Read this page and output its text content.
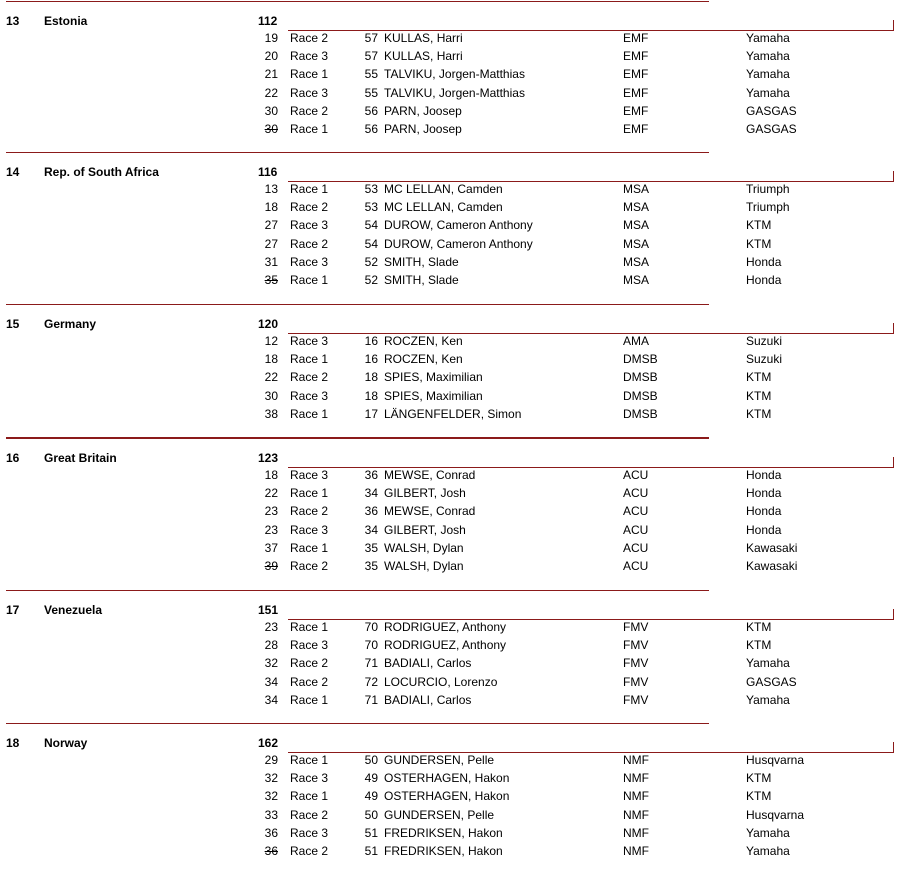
13 Estonia	112
19 Race 2	57 KULLAS, Harri	EMF	Yamaha
20 Race 3	57 KULLAS, Harri	EMF	Yamaha
21 Race 1	55 TALVIKU, Jorgen-Matthias	EMF	Yamaha
22 Race 3	55 TALVIKU, Jorgen-Matthias	EMF	Yamaha
30 Race 2	56 PARN, Joosep	EMF	GASGAS
30 Race 1	56 PARN, Joosep	EMF	GASGAS
14 Rep. of South Africa	116
13 Race 1	53 MC LELLAN, Camden	MSA	Triumph
18 Race 2	53 MC LELLAN, Camden	MSA	Triumph
27 Race 3	54 DUROW, Cameron Anthony	MSA	KTM
27 Race 2	54 DUROW, Cameron Anthony	MSA	KTM
31 Race 3	52 SMITH, Slade	MSA	Honda
35 Race 1	52 SMITH, Slade	MSA	Honda
15 Germany	120
12 Race 3	16 ROCZEN, Ken	AMA	Suzuki
18 Race 1	16 ROCZEN, Ken	DMSB	Suzuki
22 Race 2	18 SPIES, Maximilian	DMSB	KTM
30 Race 3	18 SPIES, Maximilian	DMSB	KTM
38 Race 1	17 LÄNGENFELDER, Simon	DMSB	KTM
16 Great Britain	123
18 Race 3	36 MEWSE, Conrad	ACU	Honda
22 Race 1	34 GILBERT, Josh	ACU	Honda
23 Race 2	36 MEWSE, Conrad	ACU	Honda
23 Race 3	34 GILBERT, Josh	ACU	Honda
37 Race 1	35 WALSH, Dylan	ACU	Kawasaki
39 Race 2	35 WALSH, Dylan	ACU	Kawasaki
17 Venezuela	151
23 Race 1	70 RODRIGUEZ, Anthony	FMV	KTM
28 Race 3	70 RODRIGUEZ, Anthony	FMV	KTM
32 Race 2	71 BADIALI, Carlos	FMV	Yamaha
34 Race 2	72 LOCURCIO, Lorenzo	FMV	GASGAS
34 Race 1	71 BADIALI, Carlos	FMV	Yamaha
18 Norway	162
29 Race 1	50 GUNDERSEN, Pelle	NMF	Husqvarna
32 Race 3	49 OSTERHAGEN, Hakon	NMF	KTM
32 Race 1	49 OSTERHAGEN, Hakon	NMF	KTM
33 Race 2	50 GUNDERSEN, Pelle	NMF	Husqvarna
36 Race 3	51 FREDRIKSEN, Hakon	NMF	Yamaha
36 Race 2	51 FREDRIKSEN, Hakon	NMF	Yamaha
